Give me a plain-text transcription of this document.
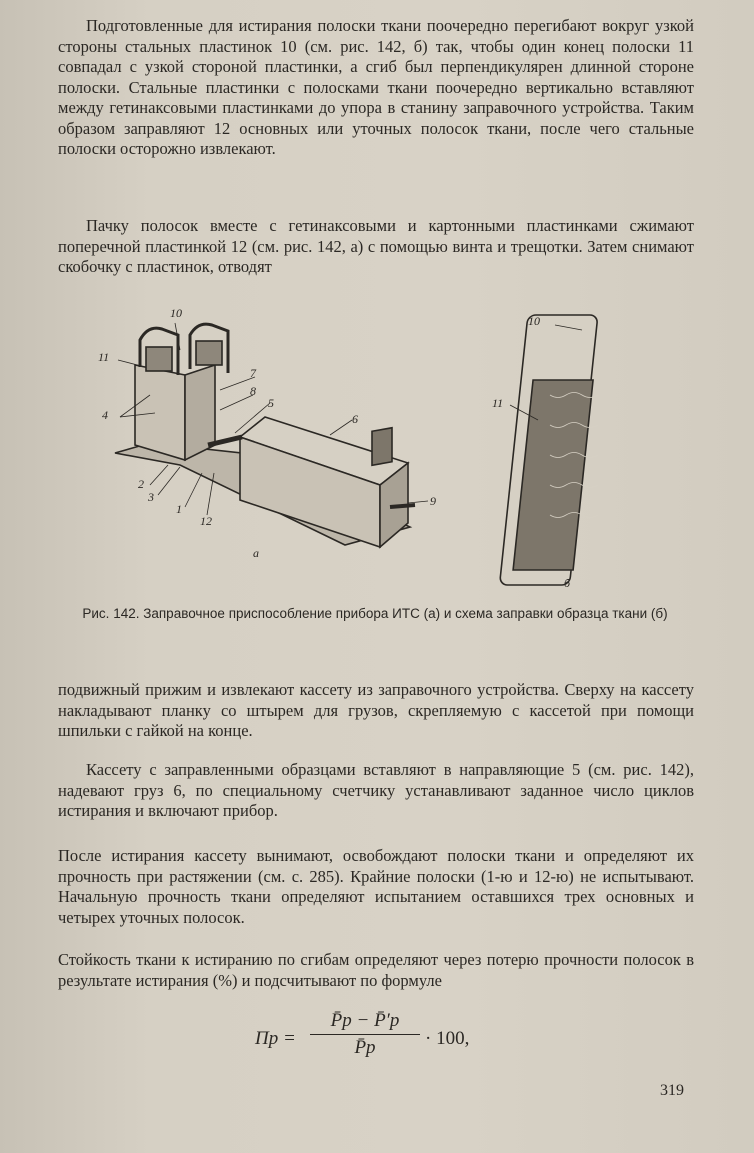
Подготовленные для истирания полоски ткани поочередно перегибают вокруг узкой стороны стальных пластинок 10 (см. рис. 142, б) так, чтобы один конец полоски 11 совпадал с узкой стороной пластинки, а сгиб был перпендикулярен длинной стороне полоски. Стальные пластинки с полосками ткани поочередно вертикально вставляют между гетинаксовыми пластинками до упора в станину заправочного устройства. Таким образом заправляют 12 основных или уточных полосок ткани, после чего стальные полоски осторожно извлекают.

Пачку полосок вместе с гетинаксовыми и картонными пластинками сжимают поперечной пластинкой 12 (см. рис. 142, а) с помощью винта и трещотки. Затем снимают скобочку с пластинок, отводят

10
11
7
8
5
4	6
2
3
1
12
9
10
11
а
б
Рис. 142. Заправочное приспособление прибора ИТС (а) и схема заправки образца ткани (б)

подвижный прижим и извлекают кассету из заправочного устройства. Сверху на кассету накладывают планку со штырем для грузов, скрепляемую с кассетой при помощи шпильки с гайкой на конце.

Кассету с заправленными образцами вставляют в направляющие 5 (см. рис. 142), надевают груз 6, по специальному счетчику устанавливают заданное число циклов истирания и включают прибор.

После истирания кассету вынимают, освобождают полоски ткани и определяют их прочность при растяжении (см. с. 285). Крайние полоски (1-ю и 12-ю) не испытывают. Начальную прочность ткани определяют испытанием оставшихся трех основных и четырех уточных полосок.

Стойкость ткани к истиранию по сгибам определяют через потерю прочности полосок в результате истирания (%) и подсчитывают по формуле

Пр =
P̄р − P̄′р
P̄р	· 100,
319
